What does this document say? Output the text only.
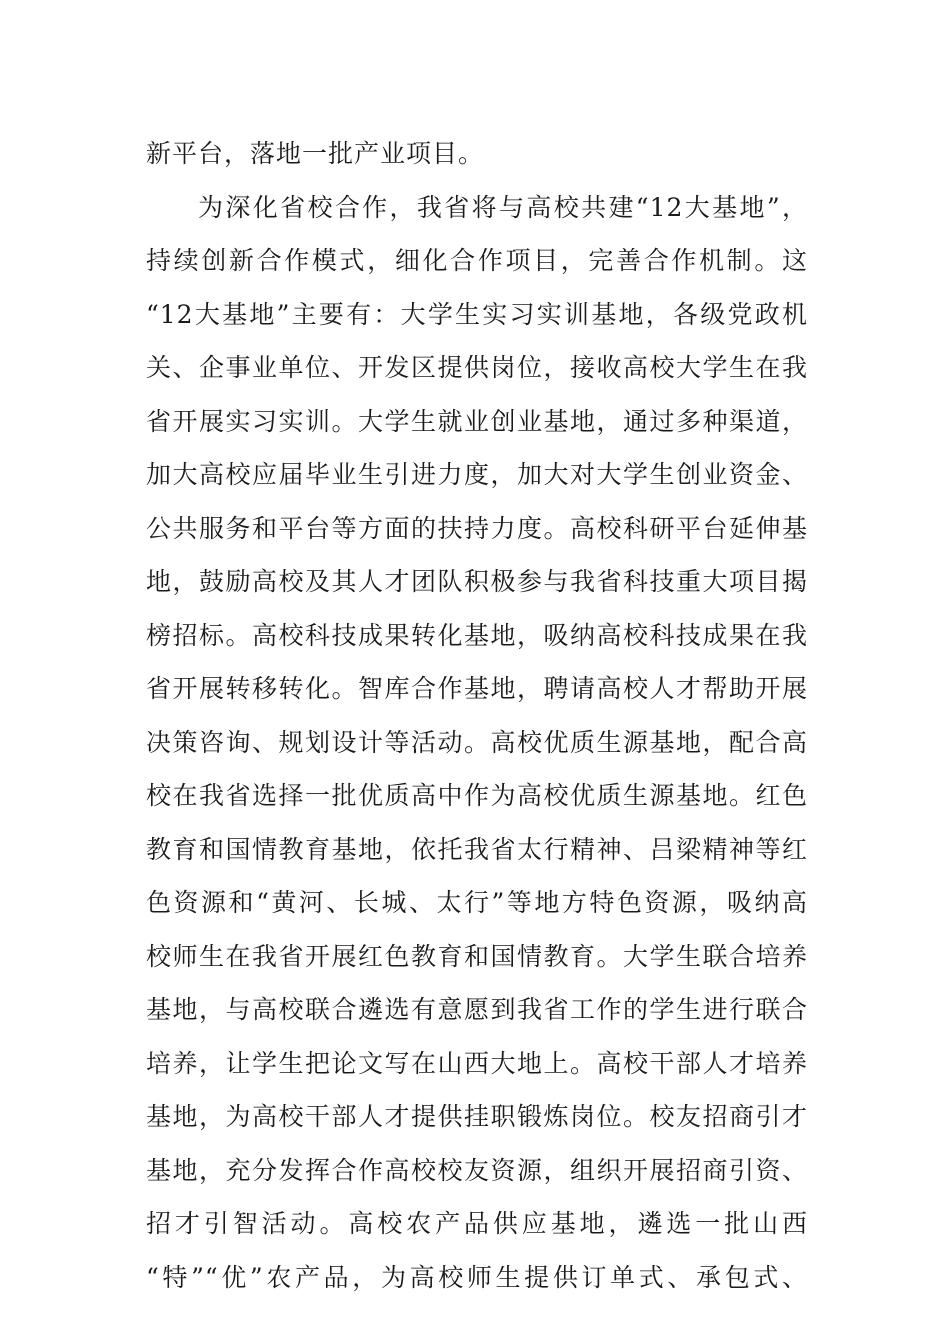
新平台，落地一批产业项目。
为深化省校合作，我省将与高校共建“12大基地”，
持续创新合作模式，细化合作项目，完善合作机制。这
“12大基地”主要有：大学生实习实训基地，各级党政机
关、企事业单位、开发区提供岗位，接收高校大学生在我
省开展实习实训。大学生就业创业基地，通过多种渠道，
加大高校应届毕业生引进力度，加大对大学生创业资金、
公共服务和平台等方面的扶持力度。高校科研平台延伸基
地，鼓励高校及其人才团队积极参与我省科技重大项目揭
榜招标。高校科技成果转化基地，吸纳高校科技成果在我
省开展转移转化。智库合作基地，聘请高校人才帮助开展
决策咨询、规划设计等活动。高校优质生源基地，配合高
校在我省选择一批优质高中作为高校优质生源基地。红色
教育和国情教育基地，依托我省太行精神、吕梁精神等红
色资源和“黄河、长城、太行”等地方特色资源，吸纳高
校师生在我省开展红色教育和国情教育。大学生联合培养
基地，与高校联合遴选有意愿到我省工作的学生进行联合
培养，让学生把论文写在山西大地上。高校干部人才培养
基地，为高校干部人才提供挂职锻炼岗位。校友招商引才
基地，充分发挥合作高校校友资源，组织开展招商引资、
招才引智活动。高校农产品供应基地，遴选一批山西
“特”“优”农产品，为高校师生提供订单式、承包式、
